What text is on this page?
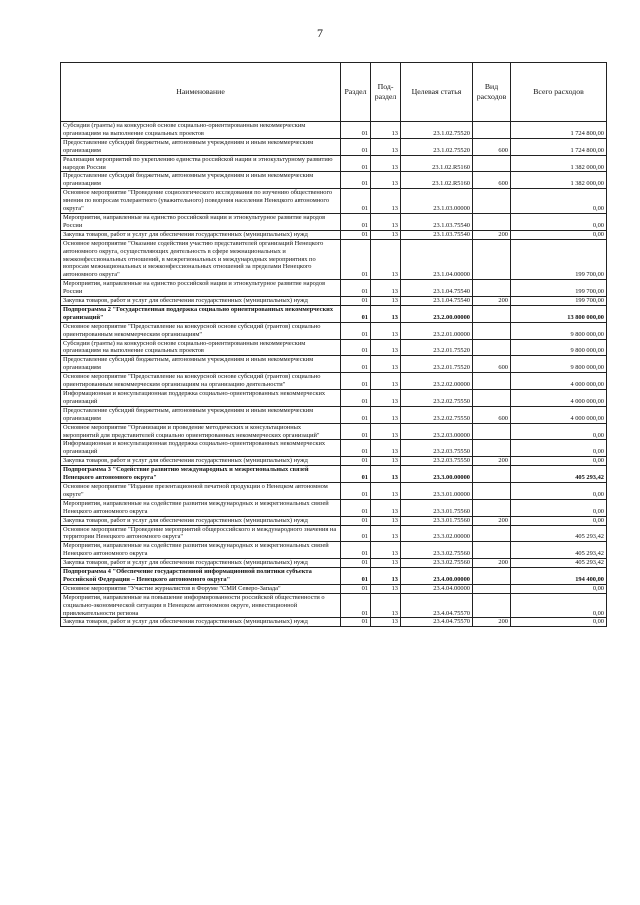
7
Наименование	Раздел	Под-раздел	Целевая статья	Вид расходов	Всего расходов
Субсидии (гранты) на конкурсной основе социально-ориентированным некоммерческим организациям на выполнение социальных проектов	01	13	23.1.02.75520		1 724 800,00
Предоставление субсидий бюджетным, автономным учреждениям и иным некоммерческим организациям	01	13	23.1.02.75520	600	1 724 800,00
Реализация мероприятий по укреплению единства российской нации и этнокультурному развитию народов России	01	13	23.1.02.R5160		1 382 000,00
Предоставление субсидий бюджетным, автономным учреждениям и иным некоммерческим организациям	01	13	23.1.02.R5160	600	1 382 000,00
Основное мероприятие "Проведение социологического исследования по изучению общественного мнения по вопросам толерантного (уважительного) поведения населения Ненецкого автономного округа"	01	13	23.1.03.00000		0,00
Мероприятия, направленные на единство российской нации и этнокультурное развитие народов России	01	13	23.1.03.75540		0,00
Закупка товаров, работ и услуг для обеспечения государственных (муниципальных) нужд	01	13	23.1.03.75540	200	0,00
Основное мероприятие "Оказание содействия участию представителей организаций Ненецкого автономного округа, осуществляющих деятельность в сфере межнациональных и межконфессиональных отношений, в межрегиональных и международных мероприятиях по вопросам межнациональных и межконфессиональных отношений за пределами Ненецкого автономного округа"	01	13	23.1.04.00000		199 700,00
Мероприятия, направленные на единство российской нации и этнокультурное развитие народов России	01	13	23.1.04.75540		199 700,00
Закупка товаров, работ и услуг для обеспечения государственных (муниципальных) нужд	01	13	23.1.04.75540	200	199 700,00
Подпрограмма 2 "Государственная поддержка социально ориентированных некоммерческих организаций"	01	13	23.2.00.00000		13 800 000,00
Основное мероприятие "Предоставление на конкурсной основе субсидий (грантов) социально ориентированным некоммерческим организациям"	01	13	23.2.01.00000		9 800 000,00
Субсидии (гранты) на конкурсной основе социально-ориентированным некоммерческим организациям на выполнение социальных проектов	01	13	23.2.01.75520		9 800 000,00
Предоставление субсидий бюджетным, автономным учреждениям и иным некоммерческим организациям	01	13	23.2.01.75520	600	9 800 000,00
Основное мероприятие "Предоставление на конкурсной основе субсидий (грантов) социально ориентированным некоммерческим организациям на организацию деятельности"	01	13	23.2.02.00000		4 000 000,00
Информационная и консультационная поддержка социально-ориентированных некоммерческих организаций	01	13	23.2.02.75550		4 000 000,00
Предоставление субсидий бюджетным, автономным учреждениям и иным некоммерческим организациям	01	13	23.2.02.75550	600	4 000 000,00
Основное мероприятие "Организация и проведение методических и консультационных мероприятий для представителей социально ориентированных некоммерческих организаций"	01	13	23.2.03.00000		0,00
Информационная и консультационная поддержка социально-ориентированных некоммерческих организаций	01	13	23.2.03.75550		0,00
Закупка товаров, работ и услуг для обеспечения государственных (муниципальных) нужд	01	13	23.2.03.75550	200	0,00
Подпрограмма 3 "Содействие развитию международных и межрегиональных связей Ненецкого автономного округа"	01	13	23.3.00.00000		405 293,42
Основное мероприятие "Издание презентационной печатной продукции о Ненецком автономном округе"	01	13	23.3.01.00000		0,00
Мероприятия, направленные на содействие развития международных и межрегиональных связей Ненецкого автономного округа	01	13	23.3.01.75560		0,00
Закупка товаров, работ и услуг для обеспечения государственных (муниципальных) нужд	01	13	23.3.01.75560	200	0,00
Основное мероприятие "Проведение мероприятий общероссийского и международного значения на территории Ненецкого автономного округа"	01	13	23.3.02.00000		405 293,42
Мероприятия, направленные на содействие развития международных и межрегиональных связей Ненецкого автономного округа	01	13	23.3.02.75560		405 293,42
Закупка товаров, работ и услуг для обеспечения государственных (муниципальных) нужд	01	13	23.3.02.75560	200	405 293,42
Подпрограмма 4 "Обеспечение государственной информационной политики субъекта Российской Федерации – Ненецкого автономного округа"	01	13	23.4.00.00000		194 400,00
Основное мероприятие "Участие журналистов в Форуме "СМИ Северо-Запада"	01	13	23.4.04.00000		0,00
Мероприятия, направленные на повышение информированности российской общественности о социально-экономической ситуации в Ненецком автономном округе, инвестиционной привлекательности региона	01	13	23.4.04.75570		0,00
Закупка товаров, работ и услуг для обеспечения государственных (муниципальных) нужд	01	13	23.4.04.75570	200	0,00
